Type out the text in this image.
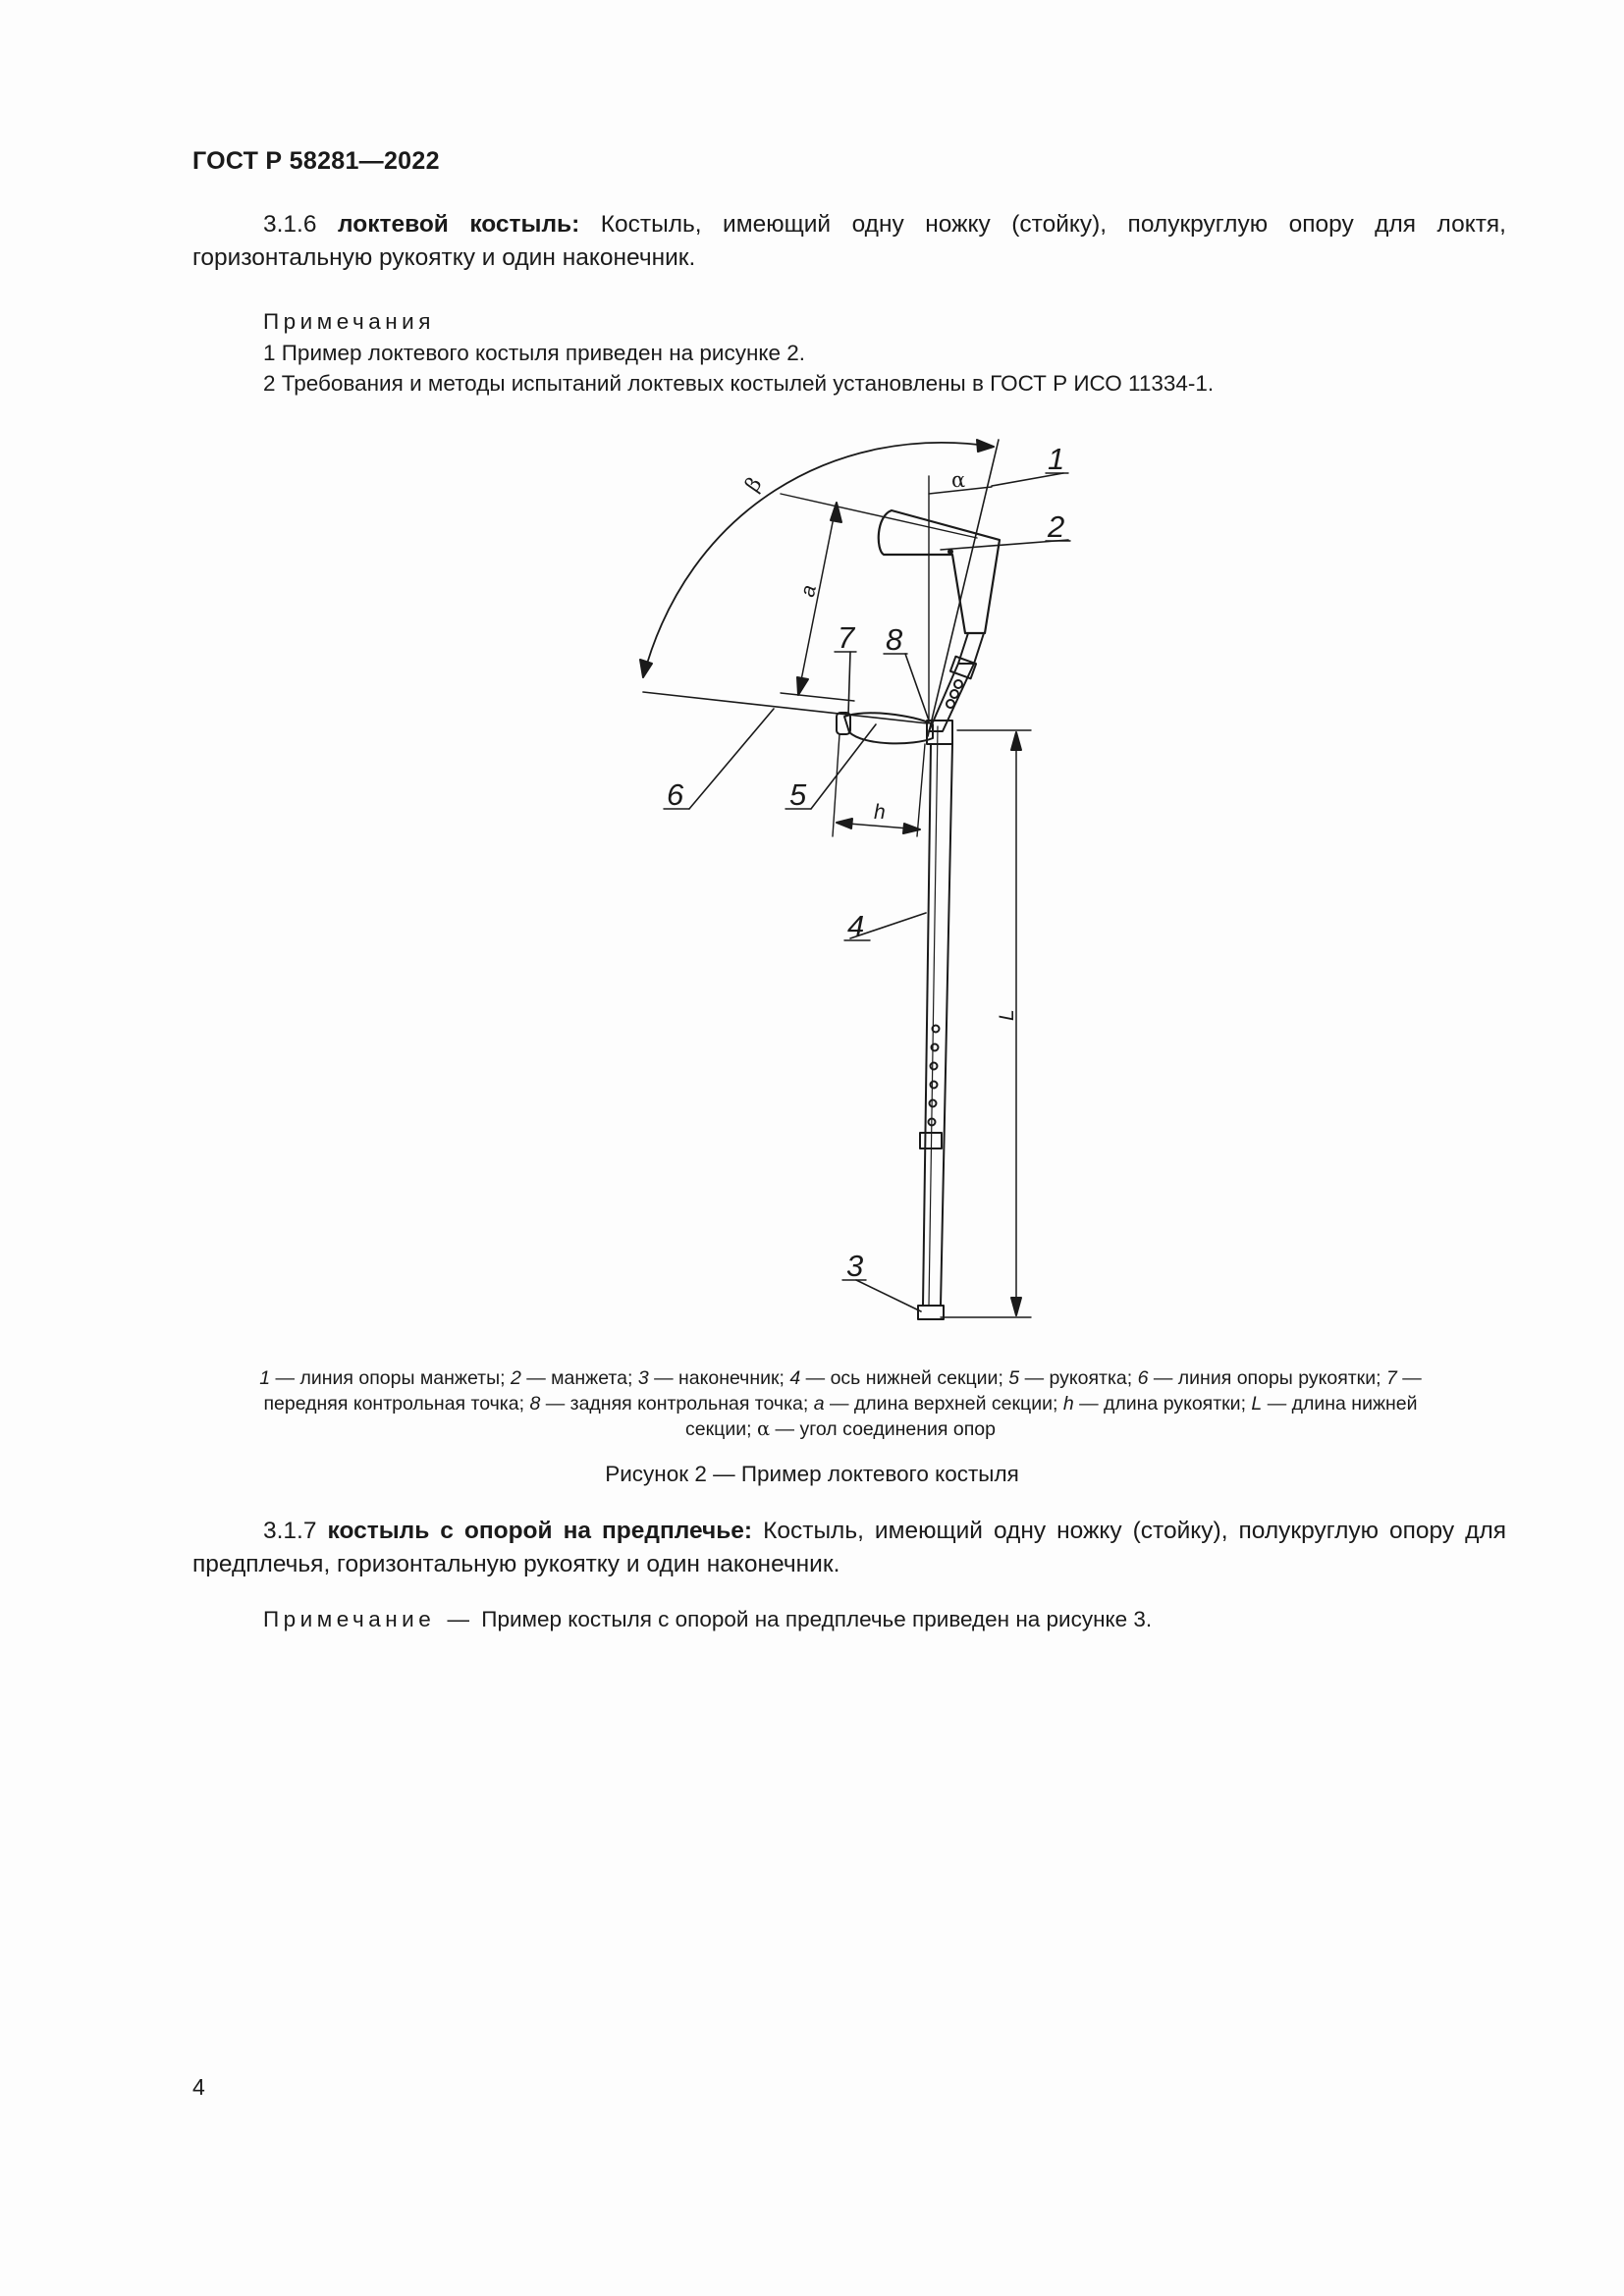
ГОСТ Р 58281—2022

3.1.6 локтевой костыль: Костыль, имеющий одну ножку (стойку), полукруглую опору для локтя, горизонтальную рукоятку и один наконечник.

Примечания
1 Пример локтевого костыля приведен на рисунке 2.
2 Требования и методы испытаний локтевых костылей установлены в ГОСТ Р ИСО 11334-1.
1
2
3
4
5
6
7 8
α
β
a
h
L
1 — линия опоры манжеты; 2 — манжета; 3 — наконечник; 4 — ось нижней секции; 5 — рукоятка; 6 — линия опоры рукоятки; 7 — передняя контрольная точка; 8 — задняя контрольная точка; a — длина верхней секции; h — длина рукоятки; L — длина нижней секции; α — угол соединения опор
Рисунок 2 — Пример локтевого костыля

3.1.7 костыль с опорой на предплечье: Костыль, имеющий одну ножку (стойку), полукруглую опору для предплечья, горизонтальную рукоятку и один наконечник.

Примечание — Пример костыля с опорой на предплечье приведен на рисунке 3.
4
